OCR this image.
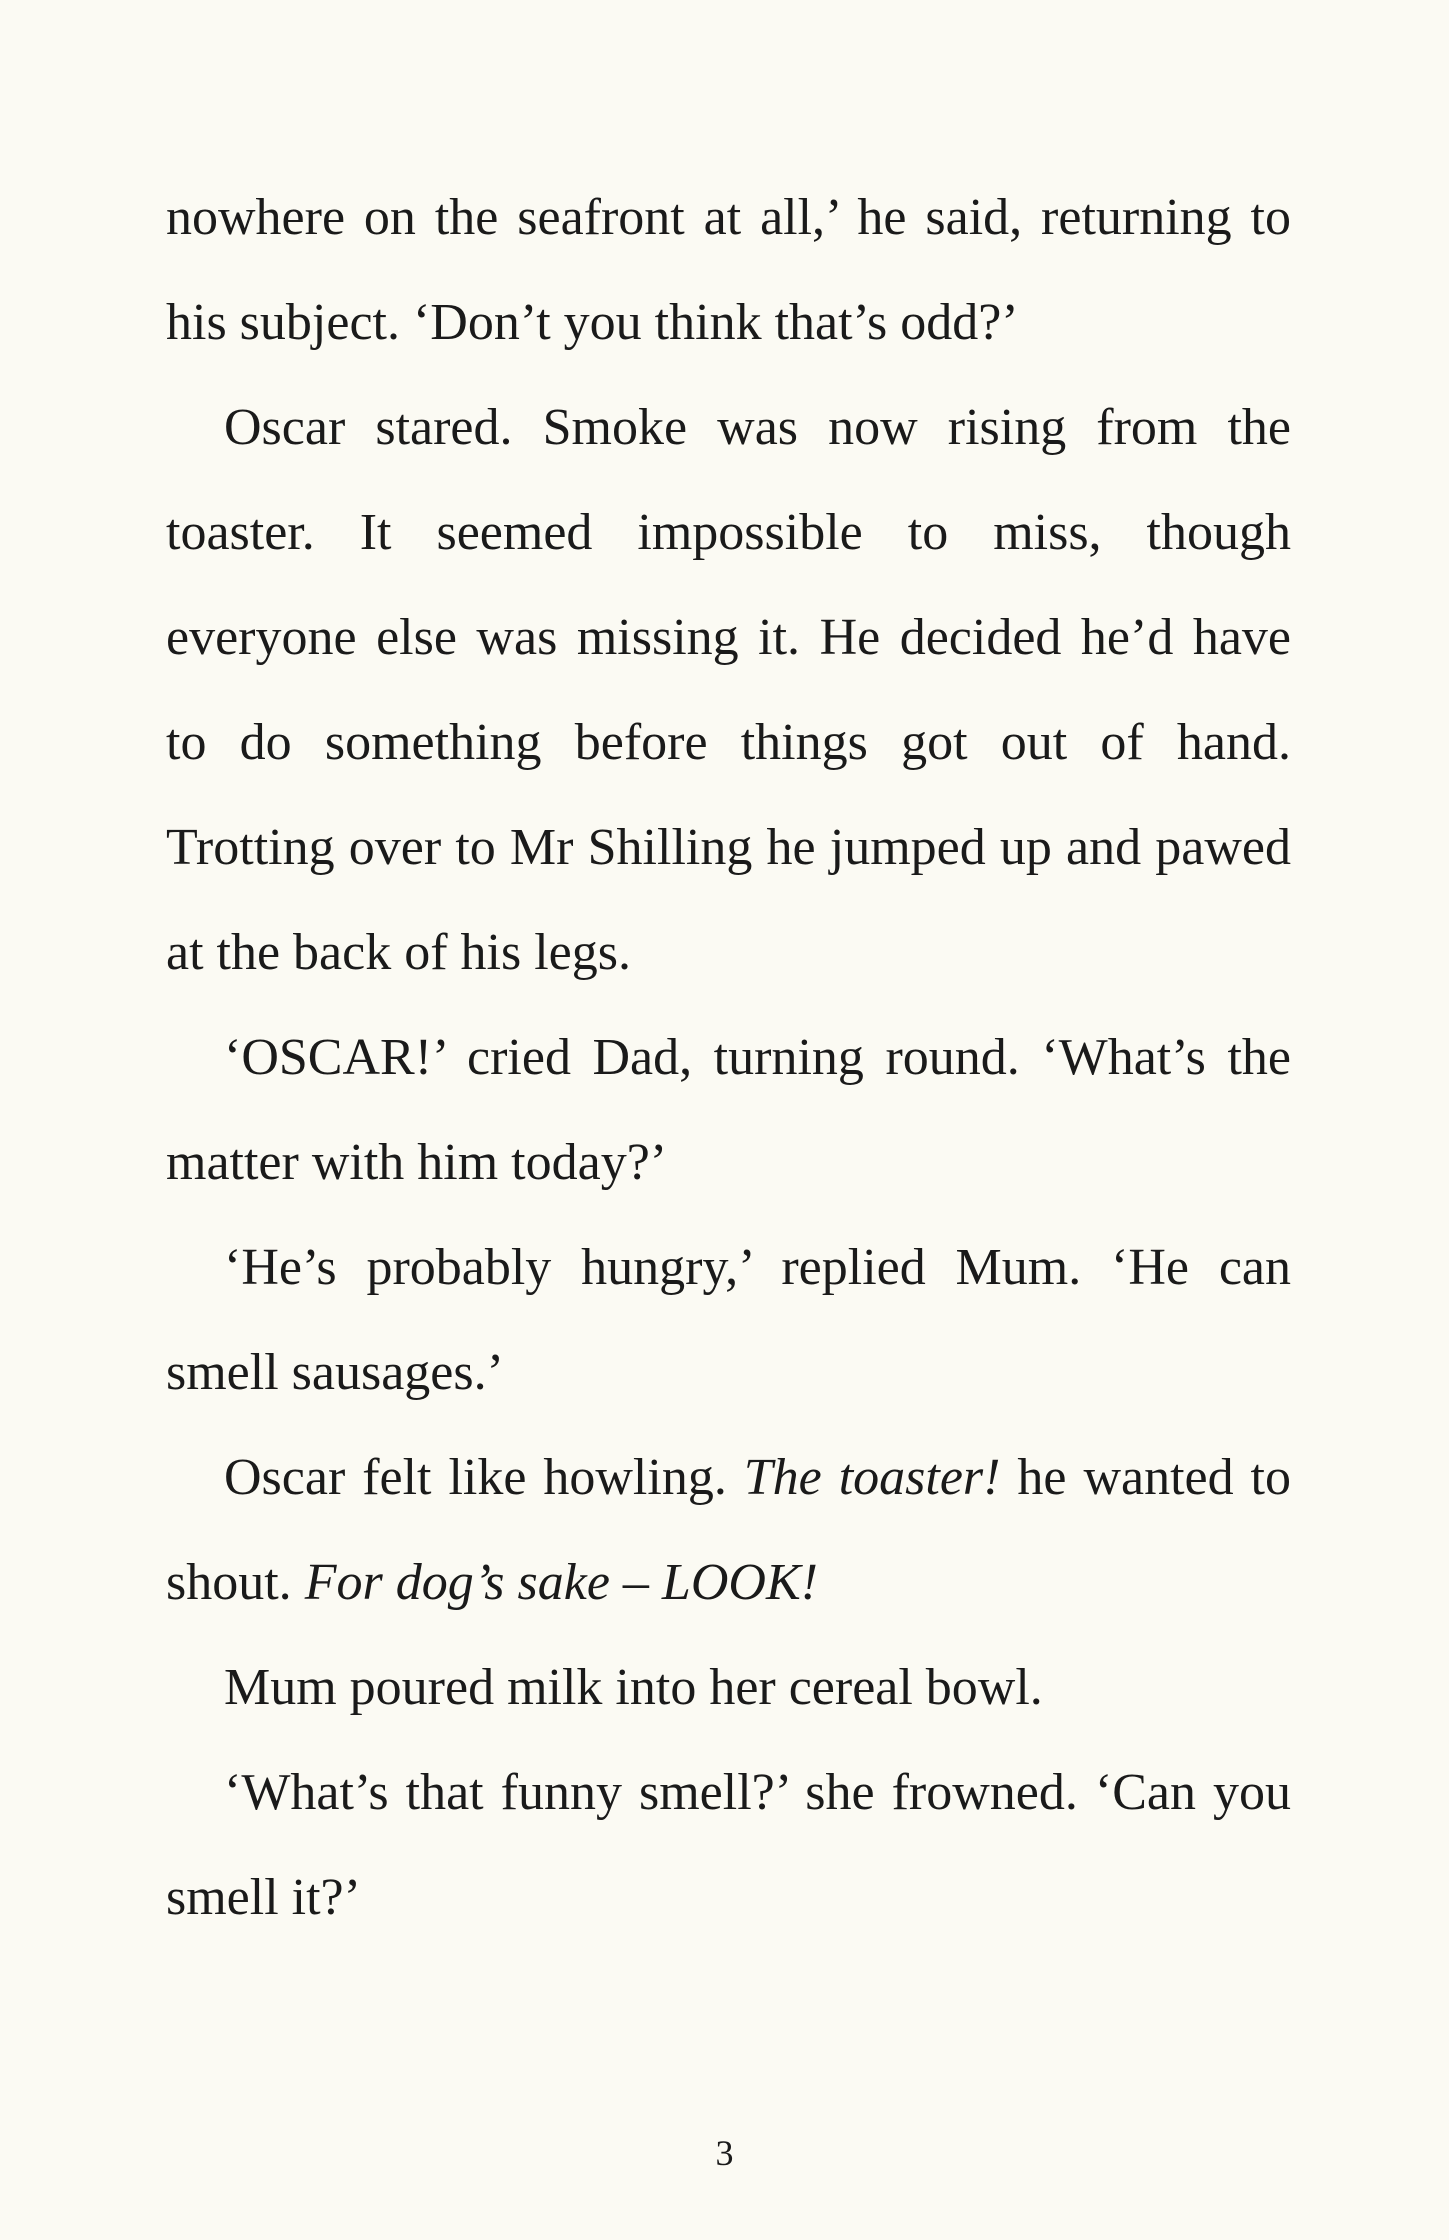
nowhere on the seafront at all,’ he said, returning to his subject. ‘Don’t you think that’s odd?’

Oscar stared. Smoke was now rising from the toaster. It seemed impossible to miss, though everyone else was missing it. He decided he’d have to do something before things got out of hand. Trotting over to Mr Shilling he jumped up and pawed at the back of his legs.

‘OSCAR!’ cried Dad, turning round. ‘What’s the matter with him today?’

‘He’s probably hungry,’ replied Mum. ‘He can smell sausages.’

Oscar felt like howling. The toaster! he wanted to shout. For dog’s sake – LOOK!

Mum poured milk into her cereal bowl.

‘What’s that funny smell?’ she frowned. ‘Can you smell it?’

3
